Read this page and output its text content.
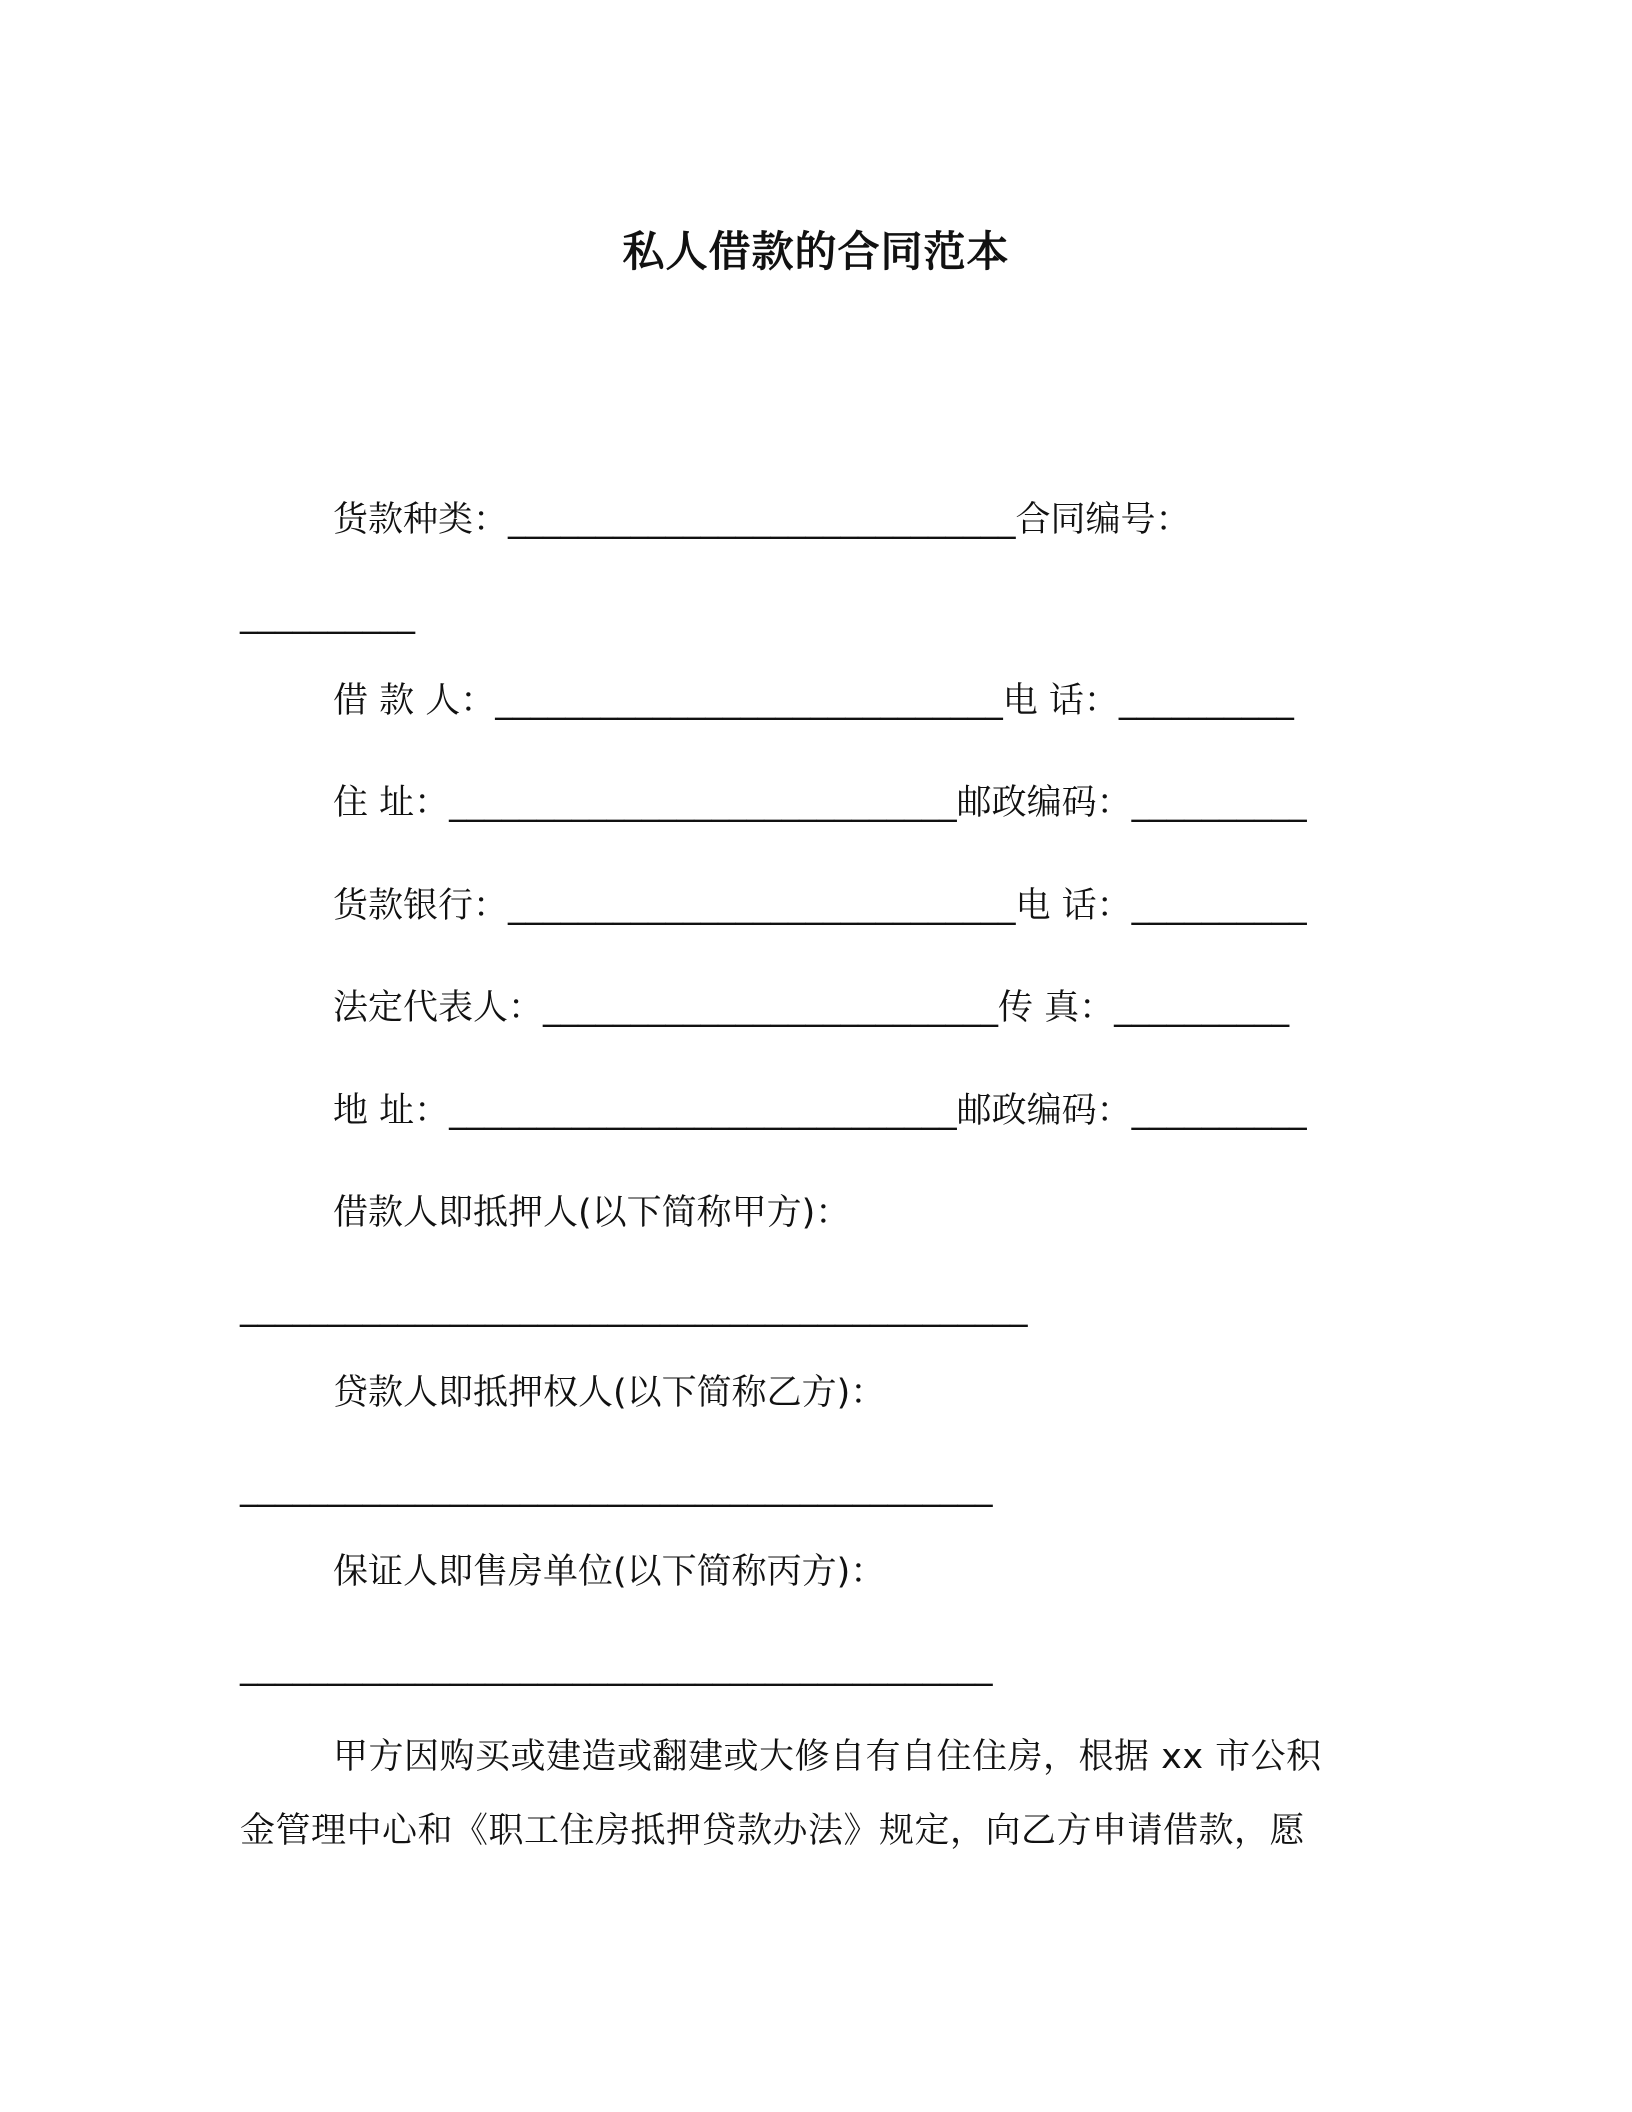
私人借款的合同范本
货款种类：_____________________________合同编号：
__________
借 款 人：_____________________________电 话：__________
住 址：_____________________________邮政编码：__________
货款银行：_____________________________电 话：__________
法定代表人：__________________________传 真：__________
地 址：_____________________________邮政编码：__________
借款人即抵押人(以下简称甲方)：
_____________________________________________
贷款人即抵押权人(以下简称乙方)：
___________________________________________
保证人即售房单位(以下简称丙方)：
___________________________________________
甲方因购买或建造或翻建或大修自有自住住房，根据 xx 市公积
金管理中心和《职工住房抵押贷款办法》规定，向乙方申请借款，愿
